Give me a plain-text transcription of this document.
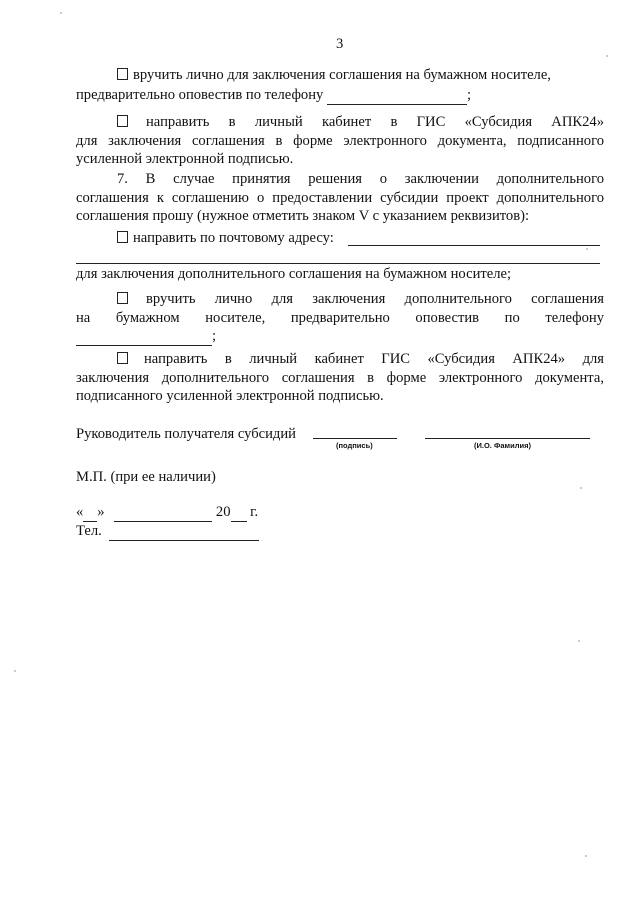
3
вручить лично для заключения соглашения на бумажном носителе,
предварительно оповестив по телефону	;
направить в личный кабинет в ГИС «Субсидия АПК24»
для заключения соглашения в форме электронного документа, подписанного
усиленной электронной подписью.
7. В случае принятия решения о заключении дополнительного
соглашения к соглашению о предоставлении субсидии проект дополнительного
соглашения прошу (нужное отметить знаком V с указанием реквизитов):
направить по почтовому адресу:
для заключения дополнительного соглашения на бумажном носителе;
вручить лично для заключения дополнительного соглашения
на бумажном носителе, предварительно оповестив по телефону
;
направить в личный кабинет ГИС «Субсидия АПК24» для
заключения дополнительного соглашения в форме электронного документа,
подписанного усиленной электронной подписью.
Руководитель получателя субсидий
(подпись)	(И.О. Фамилия)
М.П. (при ее наличии)
« »	20 г.
Тел.
